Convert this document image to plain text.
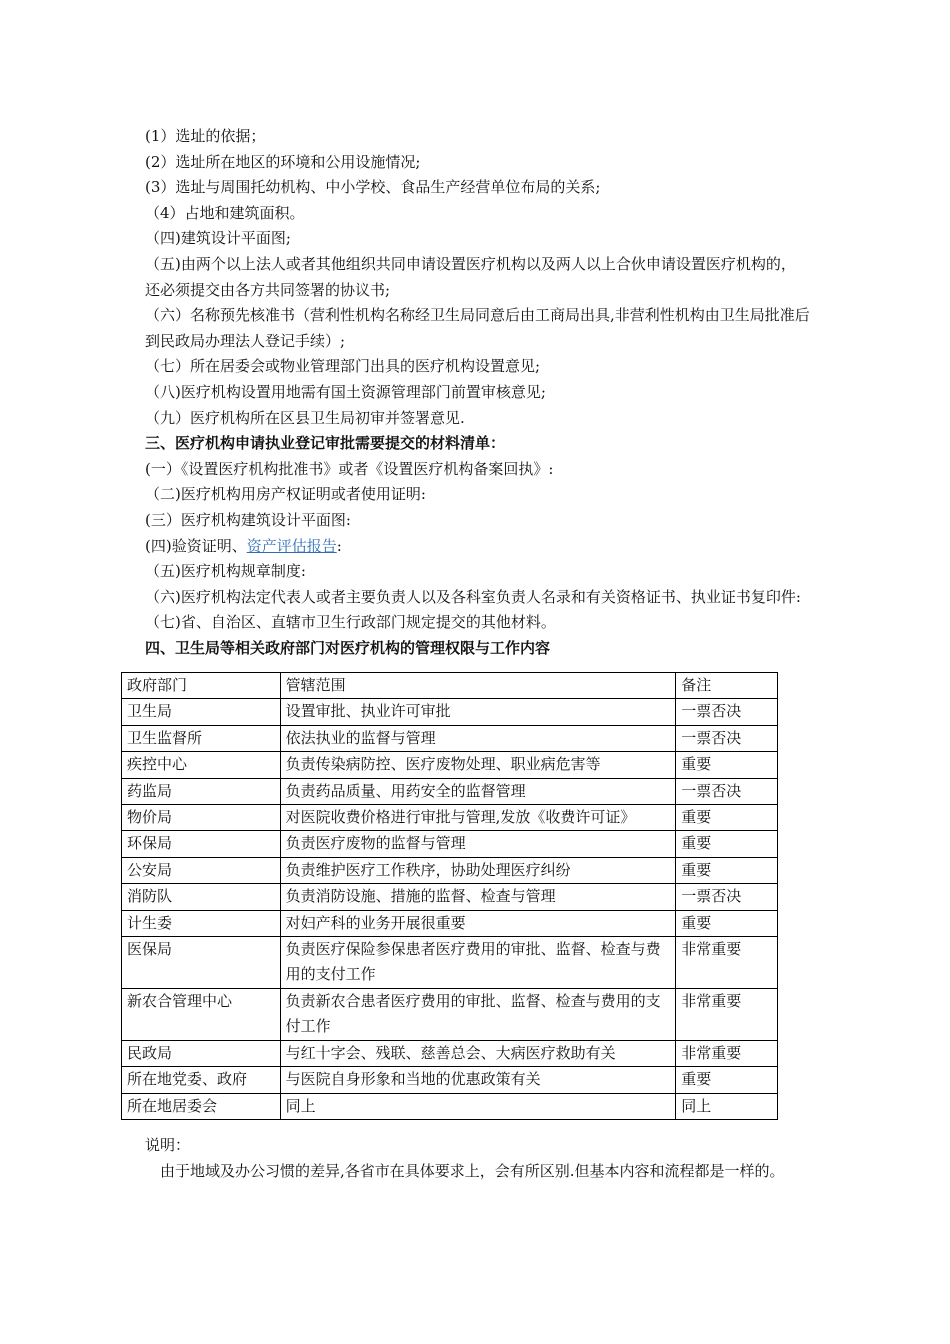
(1）选址的依据；
(2）选址所在地区的环境和公用设施情况;
(3）选址与周围托幼机构、中小学校、食品生产经营单位布局的关系;
（4）占地和建筑面积。
（四)建筑设计平面图;
（五)由两个以上法人或者其他组织共同申请设置医疗机构以及两人以上合伙申请设置医疗机构的，还必须提交由各方共同签署的协议书;
（六）名称预先核准书（营利性机构名称经卫生局同意后由工商局出具,非营利性机构由卫生局批准后到民政局办理法人登记手续）;
（七）所在居委会或物业管理部门出具的医疗机构设置意见;
（八)医疗机构设置用地需有国土资源管理部门前置审核意见;
（九）医疗机构所在区县卫生局初审并签署意见.
三、医疗机构申请执业登记审批需要提交的材料清单：
(一）《设置医疗机构批准书》或者《设置医疗机构备案回执》:
（二)医疗机构用房产权证明或者使用证明:
(三）医疗机构建筑设计平面图:
(四)验资证明、资产评估报告:
（五)医疗机构规章制度:
（六)医疗机构法定代表人或者主要负责人以及各科室负责人名录和有关资格证书、执业证书复印件:
（七)省、自治区、直辖市卫生行政部门规定提交的其他材料。
四、卫生局等相关政府部门对医疗机构的管理权限与工作内容
政府部门	管辖范围	备注
卫生局	设置审批、执业许可审批	一票否决
卫生监督所	依法执业的监督与管理	一票否决
疾控中心	负责传染病防控、医疗废物处理、职业病危害等	重要
药监局	负责药品质量、用药安全的监督管理	一票否决
物价局	对医院收费价格进行审批与管理,发放《收费许可证》	重要
环保局	负责医疗废物的监督与管理	重要
公安局	负责维护医疗工作秩序，协助处理医疗纠纷	重要
消防队	负责消防设施、措施的监督、检查与管理	一票否决
计生委	对妇产科的业务开展很重要	重要
医保局	负责医疗保险参保患者医疗费用的审批、监督、检查与费用的支付工作	非常重要
新农合管理中心	负责新农合患者医疗费用的审批、监督、检查与费用的支付工作	非常重要
民政局	与红十字会、残联、慈善总会、大病医疗救助有关	非常重要
所在地党委、政府	与医院自身形象和当地的优惠政策有关	重要
所在地居委会	同上	同上
说明：
由于地域及办公习惯的差异,各省市在具体要求上，会有所区别.但基本内容和流程都是一样的。
